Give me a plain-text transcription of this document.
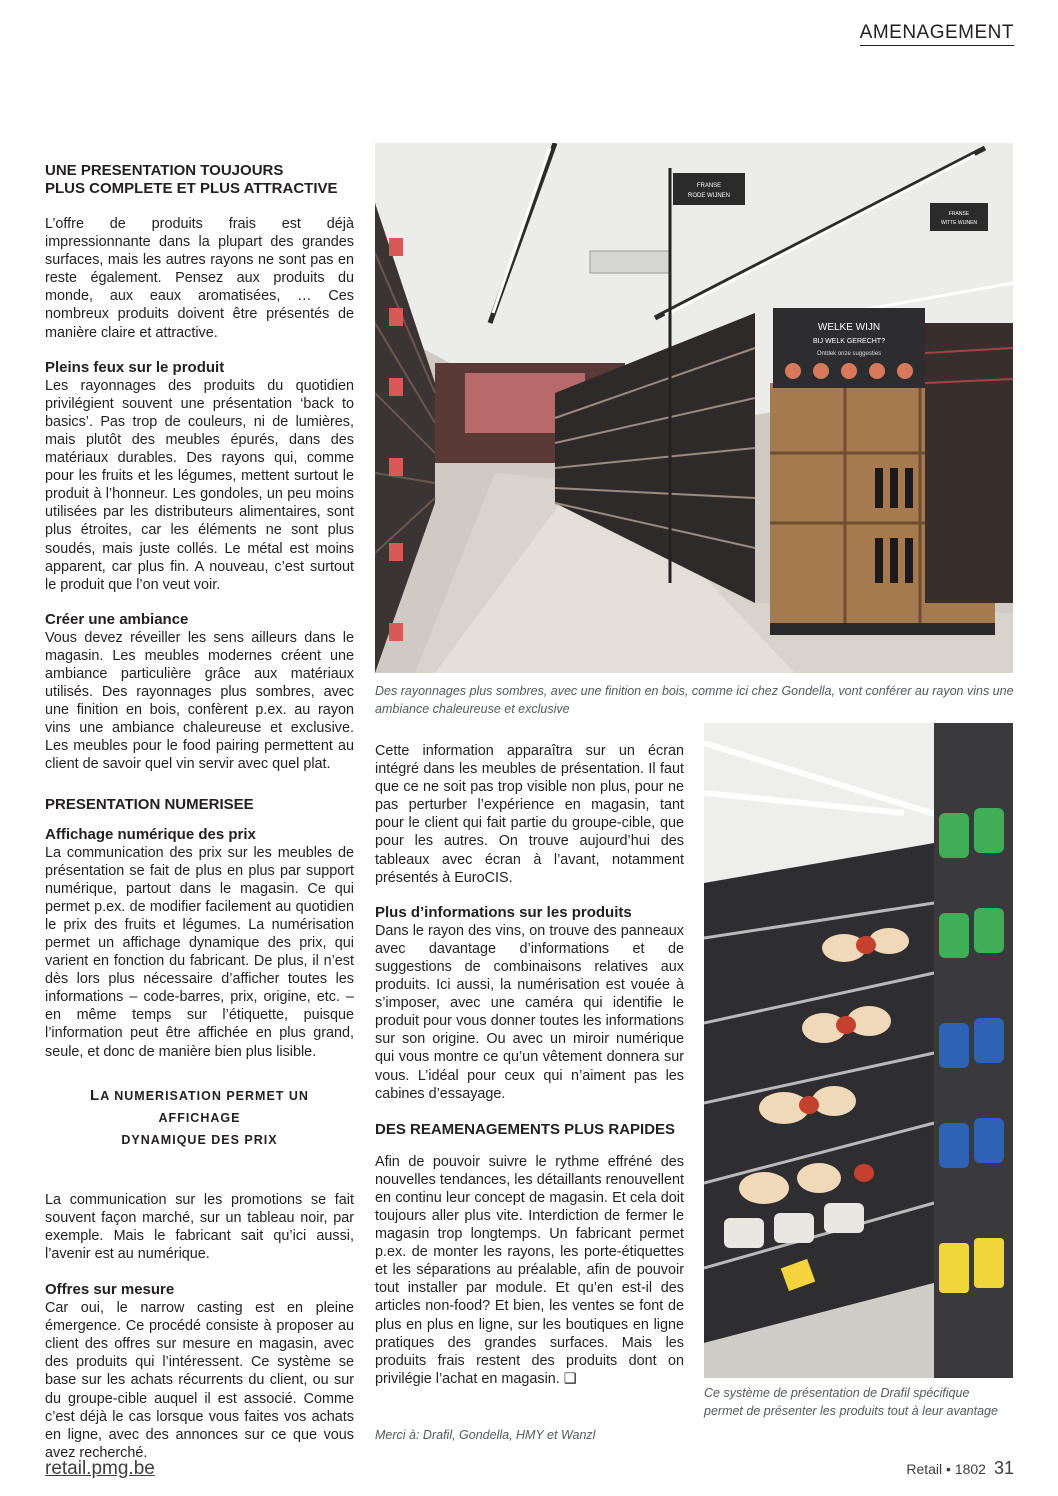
AMENAGEMENT

UNE PRESENTATION TOUJOURS
PLUS COMPLETE ET PLUS ATTRACTIVE

L’offre de produits frais est déjà impressionnante dans la plupart des grandes surfaces, mais les autres rayons ne sont pas en reste également. Pensez aux produits du monde, aux eaux aromatisées, … Ces nombreux produits doivent être présentés de manière claire et attractive.

Pleins feux sur le produit

Les rayonnages des produits du quotidien privilégient souvent une présentation ‘back to basics’. Pas trop de couleurs, ni de lumières, mais plutôt des meubles épurés, dans des matériaux durables. Des rayons qui, comme pour les fruits et les légumes, mettent surtout le produit à l’honneur. Les gondoles, un peu moins utilisées par les distributeurs alimentaires, sont plus étroites, car les éléments ne sont plus soudés, mais juste collés. Le métal est moins apparent, car plus fin. A nouveau, c’est surtout le produit que l’on veut voir.

Créer une ambiance

Vous devez réveiller les sens ailleurs dans le magasin. Les meubles modernes créent une ambiance particulière grâce aux matériaux utilisés. Des rayonnages plus sombres, avec une finition en bois, confèrent p.ex. au rayon vins une ambiance chaleureuse et exclusive. Les meubles pour le food pairing permettent au client de savoir quel vin servir avec quel plat.

PRESENTATION NUMERISEE

Affichage numérique des prix

La communication des prix sur les meubles de présentation se fait de plus en plus par support numérique, partout dans le magasin. Ce qui permet p.ex. de modifier facilement au quotidien le prix des fruits et légumes. La numérisation permet un affichage dynamique des prix, qui varient en fonction du fabricant. De plus, il n’est dès lors plus nécessaire d’afficher toutes les informations – code-barres, prix, origine, etc. – en même temps sur l’étiquette, puisque l’information peut être affichée en plus grand, seule, et donc de manière bien plus lisible.

LA NUMERISATION PERMET UN AFFICHAGE
DYNAMIQUE DES PRIX

La communication sur les promotions se fait souvent façon marché, sur un tableau noir, par exemple. Mais le fabricant sait qu’ici aussi, l’avenir est au numérique.

Offres sur mesure

Car oui, le narrow casting est en pleine émergence. Ce procédé consiste à proposer au client des offres sur mesure en magasin, avec des produits qui l’intéressent. Ce système se base sur les achats récurrents du client, ou sur du groupe-cible auquel il est associé. Comme c’est déjà le cas lorsque vous faites vos achats en ligne, avec des annonces sur ce que vous avez recherché.

WELKE WIJN
BIJ WELK GERECHT?
Ontdek onze suggesties
FRANSE
RODE WIJNEN
FRANSE
WITTE WIJNEN
Des rayonnages plus sombres, avec une finition en bois, comme ici chez Gondella, vont conférer au rayon vins une ambiance chaleureuse et exclusive

Cette information apparaîtra sur un écran intégré dans les meubles de présentation. Il faut que ce ne soit pas trop visible non plus, pour ne pas perturber l’expérience en magasin, tant pour le client qui fait partie du groupe-cible, que pour les autres. On trouve aujourd’hui des tableaux avec écran à l’avant, notamment présentés à EuroCIS.

Plus d’informations sur les produits

Dans le rayon des vins, on trouve des panneaux avec davantage d’informations et de suggestions de combinaisons relatives aux produits. Ici aussi, la numérisation est vouée à s’imposer, avec une caméra qui identifie le produit pour vous donner toutes les informations sur son origine. Ou avec un miroir numérique qui vous montre ce qu’un vêtement donnera sur vous. L’idéal pour ceux qui n’aiment pas les cabines d’essayage.

DES REAMENAGEMENTS PLUS RAPIDES

Afin de pouvoir suivre le rythme effréné des nouvelles tendances, les détaillants renouvellent en continu leur concept de magasin. Et cela doit toujours aller plus vite. Interdiction de fermer le magasin trop longtemps. Un fabricant permet p.ex. de monter les rayons, les porte-étiquettes et les séparations au préalable, afin de pouvoir tout installer par module. Et qu’en est-il des articles non-food? Et bien, les ventes se font de plus en plus en ligne, sur les boutiques en ligne pratiques des grandes surfaces. Mais les produits frais restent des produits dont on privilégie l’achat en magasin. ❑

Merci à: Drafil, Gondella, HMY et Wanzl
Ce système de présentation de Drafil spécifique permet de présenter les produits tout à leur avantage
retail.pmg.be	Retail • 1802 31
